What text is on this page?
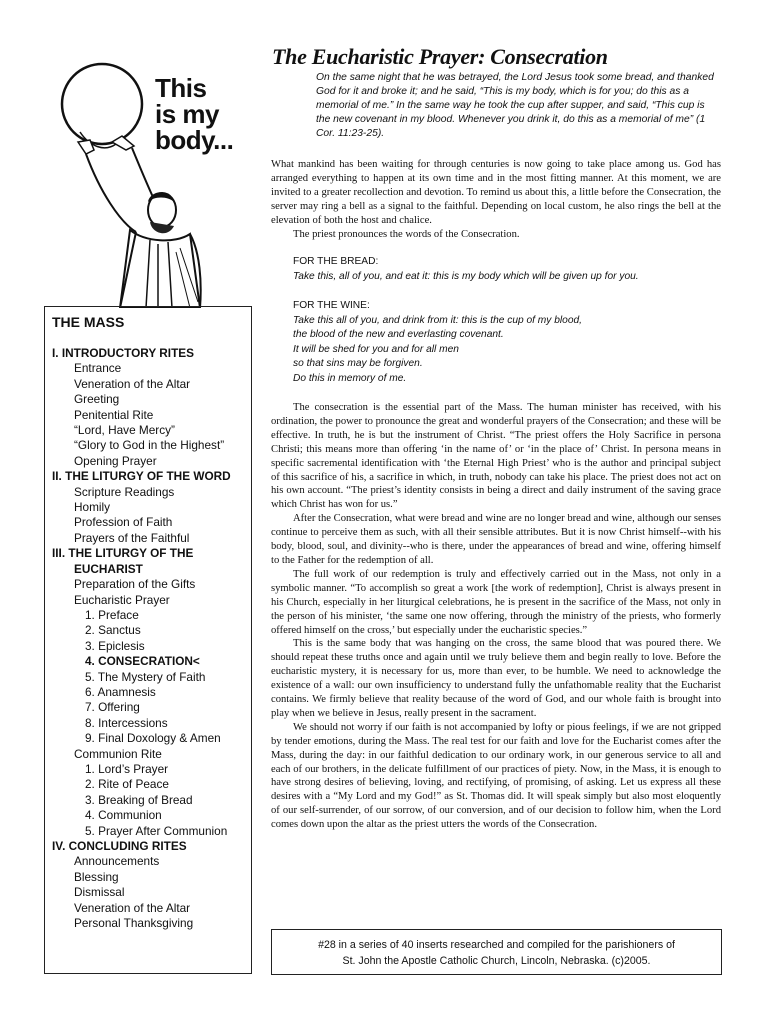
This
is my
body...
The Eucharistic Prayer: Consecration
On the same night that he was betrayed, the Lord Jesus took some bread, and thanked God for it and broke it; and he said, “This is my body, which is for you; do this as a memorial of me.” In the same way he took the cup after supper, and said, “This cup is the new covenant in my blood. Whenever you drink it, do this as a memorial of me” (1 Cor. 11:23-25).

What mankind has been waiting for through centuries is now going to take place among us. God has arranged everything to happen at its own time and in the most fitting manner. At this moment, we are invited to a greater recollection and devotion. To remind us about this, a little before the Consecration, the server may ring a bell as a signal to the faithful. Depending on local custom, he also rings the bell at the elevation of both the host and chalice.

The priest pronounces the words of the Consecration.

FOR THE BREAD:
Take this, all of you, and eat it: this is my body which will be given up for you.
FOR THE WINE:
Take this all of you, and drink from it: this is the cup of my blood,
the blood of the new and everlasting covenant.
It will be shed for you and for all men
so that sins may be forgiven.
Do this in memory of me.

The consecration is the essential part of the Mass. The human minister has received, with his ordination, the power to pronounce the great and wonderful prayers of the Consecration; and these will be effective. In truth, he is but the instrument of Christ. “The priest offers the Holy Sacrifice in persona Christi; this means more than offering ‘in the name of’ or ‘in the place of’ Christ. In persona means in specific sacremental identification with ‘the Eternal High Priest’ who is the author and principal subject of this sacrifice of his, a sacrifice in which, in truth, nobody can take his place. The priest does not act on his own account. “The priest’s identity consists in being a direct and daily instrument of the saving grace which Christ has won for us.”

After the Consecration, what were bread and wine are no longer bread and wine, although our senses continue to perceive them as such, with all their sensible attributes. But it is now Christ himself--with his body, blood, soul, and divinity--who is there, under the appearances of bread and wine, offering himself to the Father for the redemption of all.

The full work of our redemption is truly and effectively carried out in the Mass, not only in a symbolic manner. “To accomplish so great a work [the work of redemption], Christ is always present in his Church, especially in her liturgical celebrations, he is present in the sacrifice of the Mass, not only in the person of his minister, ‘the same one now offering, through the ministry of the priests, who formerly offered himself on the cross,’ but especially under the eucharistic species.”

This is the same body that was hanging on the cross, the same blood that was poured there. We should repeat these truths once and again until we truly believe them and begin really to love. Before the eucharistic mystery, it is necessary for us, more than ever, to be humble. We need to acknowledge the existence of a wall: our own insufficiency to understand fully the unfathomable reality that the Eucharist contains. We firmly believe that reality because of the word of God, and our whole faith is brought into play when we believe in Jesus, really present in the sacrament.

We should not worry if our faith is not accompanied by lofty or pious feelings, if we are not gripped by tender emotions, during the Mass. The real test for our faith and love for the Eucharist comes after the Mass, during the day: in our faithful dedication to our ordinary work, in our generous service to all and each of our brothers, in the delicate fulfillment of our practices of piety. Now, in the Mass, it is enough to have strong desires of believing, loving, and rectifying, of promising, of asking. Let us express all these desires with a “My Lord and my God!” as St. Thomas did. It will speak simply but also most eloquently of our self-surrender, of our sorrow, of our conversion, and of our decision to follow him, when the Lord comes down upon the altar as the priest utters the words of the Consecration.

THE MASS
I. INTRODUCTORY RITES
Entrance
Veneration of the Altar
Greeting
Penitential Rite
“Lord, Have Mercy”
“Glory to God in the Highest”
Opening Prayer
II. THE LITURGY OF THE WORD
Scripture Readings
Homily
Profession of Faith
Prayers of the Faithful
III. THE LITURGY OF THE
EUCHARIST
Preparation of the Gifts
Eucharistic Prayer
1. Preface
2. Sanctus
3. Epiclesis
4. CONSECRATION<
5. The Mystery of Faith
6. Anamnesis
7. Offering
8. Intercessions
9. Final Doxology & Amen
Communion Rite
1. Lord’s Prayer
2. Rite of Peace
3. Breaking of Bread
4. Communion
5. Prayer After Communion
IV. CONCLUDING RITES
Announcements
Blessing
Dismissal
Veneration of the Altar
Personal Thanksgiving
#28 in a series of 40 inserts researched and compiled for the parishioners of
St. John the Apostle Catholic Church, Lincoln, Nebraska. (c)2005.
